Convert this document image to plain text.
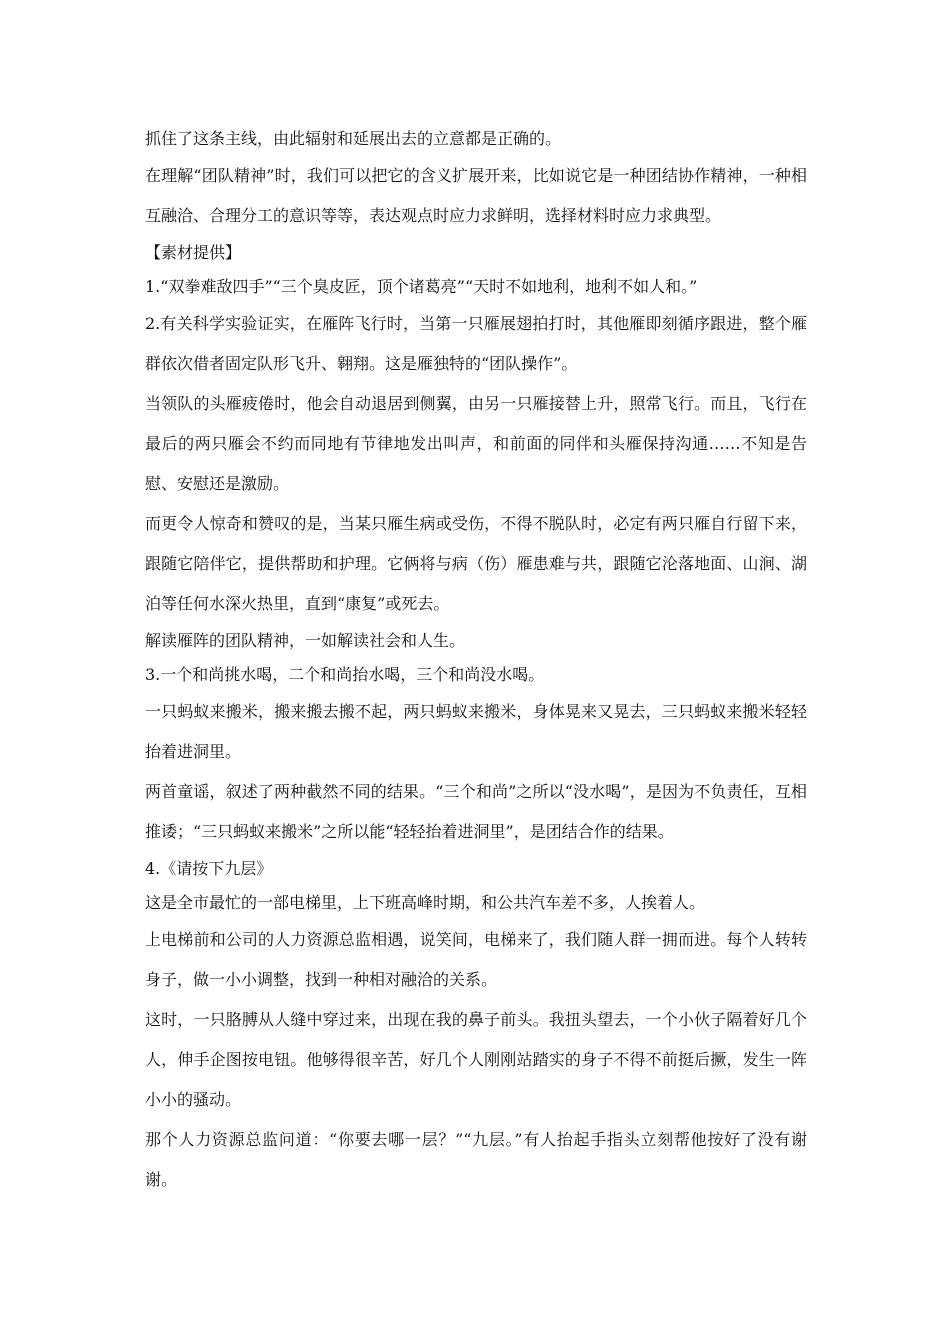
抓住了这条主线，由此辐射和延展出去的立意都是正确的。

在理解“团队精神”时，我们可以把它的含义扩展开来，比如说它是一种团结协作精神，一种相互融洽、合理分工的意识等等，表达观点时应力求鲜明，选择材料时应力求典型。

【素材提供】

1.“双拳难敌四手”“三个臭皮匠，顶个诸葛亮”“天时不如地利，地利不如人和。”

2.有关科学实验证实，在雁阵飞行时，当第一只雁展翅拍打时，其他雁即刻循序跟进，整个雁群依次借者固定队形飞升、翱翔。这是雁独特的“团队操作”。

当领队的头雁疲倦时，他会自动退居到侧翼，由另一只雁接替上升，照常飞行。而且，飞行在最后的两只雁会不约而同地有节律地发出叫声，和前面的同伴和头雁保持沟通……不知是告慰、安慰还是激励。

而更令人惊奇和赞叹的是，当某只雁生病或受伤，不得不脱队时，必定有两只雁自行留下来，跟随它陪伴它，提供帮助和护理。它俩将与病（伤）雁患难与共，跟随它沦落地面、山涧、湖泊等任何水深火热里，直到“康复”或死去。

解读雁阵的团队精神，一如解读社会和人生。

3.一个和尚挑水喝，二个和尚抬水喝，三个和尚没水喝。

一只蚂蚁来搬米，搬来搬去搬不起，两只蚂蚁来搬米，身体晃来又晃去，三只蚂蚁来搬米轻轻抬着进洞里。

两首童谣，叙述了两种截然不同的结果。“三个和尚”之所以“没水喝”，是因为不负责任，互相推诿；“三只蚂蚁来搬米”之所以能“轻轻抬着进洞里”，是团结合作的结果。

4.《请按下九层》

这是全市最忙的一部电梯里，上下班高峰时期，和公共汽车差不多，人挨着人。

上电梯前和公司的人力资源总监相遇，说笑间，电梯来了，我们随人群一拥而进。每个人转转身子，做一小小调整，找到一种相对融洽的关系。

这时，一只胳膊从人缝中穿过来，出现在我的鼻子前头。我扭头望去，一个小伙子隔着好几个人，伸手企图按电钮。他够得很辛苦，好几个人刚刚站踏实的身子不得不前挺后撅，发生一阵小小的骚动。

那个人力资源总监问道：“你要去哪一层？”“九层。”有人抬起手指头立刻帮他按好了没有谢谢。
